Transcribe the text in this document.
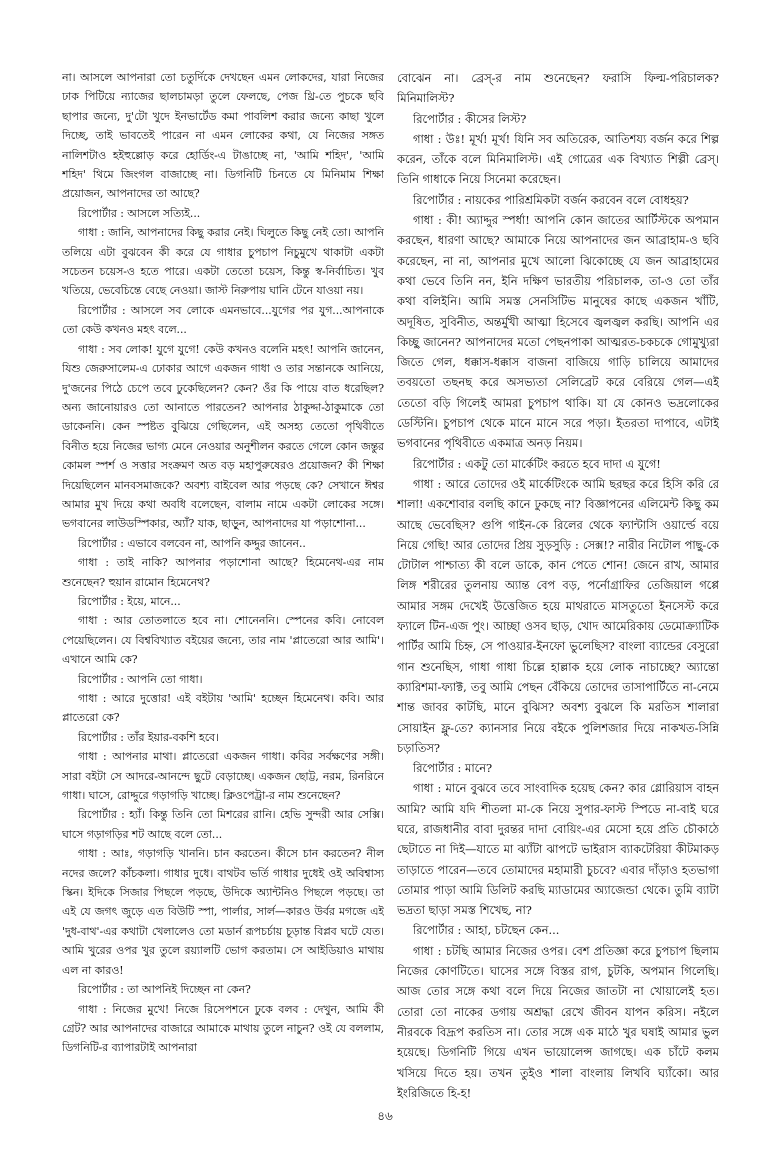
না। আসলে আপনারা তো চতুর্দিকে দেখছেন এমন লোকদের, যারা নিজের ঢাক পিটিয়ে ন্যাজের ছালচামড়া তুলে ফেলছে, পেজ থ্রি-তে পুচকে ছবি ছাপার জন্যে, দু'টো খুদে ইনভার্টেড কমা পাবলিশ করার জন্যে কাছা খুলে দিচ্ছে, তাই ভাবতেই পারেন না এমন লোকের কথা, যে নিজের সঙ্গত নালিশটাও হইহুল্লোড় করে হোর্ডিং-এ টাঙাচ্ছে না, 'আমি শহিদ', 'আমি শহিদ' থিমে জিংগল বাজাচ্ছে না। ডিগনিটি চিনতে যে মিনিমাম শিক্ষা প্রয়োজন, আপনাদের তা আছে?

রিপোর্টার : আসলে সত্যিই...

গাধা : জানি, আপনাদের কিছু করার নেই। ঘিলুতে কিছু নেই তো। আপনি তলিয়ে এটা বুঝবেন কী করে যে গাধার চুপচাপ নিচুমুখে থাকাটা একটা সচেতন চয়েস-ও হতে পারে। একটা তেতো চয়েস, কিন্তু স্ব-নির্বাচিত। খুব খতিয়ে, ভেবেচিন্তে বেছে নেওয়া। জাস্ট নিরুপায় ঘানি টেনে যাওয়া নয়।

রিপোর্টার : আসলে সব লোকে এমনভাবে...যুগের পর যুগ...আপনাকে তো কেউ কখনও মহৎ বলে...

গাধা : সব লোক! যুগে যুগে! কেউ কখনও বলেনি মহৎ! আপনি জানেন, যিশু জেরুসালেম-এ ঢোকার আগে একজন গাধা ও তার সন্তানকে আনিয়ে, দু'জনের পিঠে চেপে তবে ঢুকেছিলেন? কেন? ওঁর কি পায়ে বাত ধরেছিল? অন্য জানোয়ারও তো আনাতে পারতেন? আপনার ঠাকুদ্দা-ঠাকুমাকে তো ডাকেননি। কেন স্পষ্টত বুঝিয়ে গেছিলেন, এই অসহ্য তেতো পৃথিবীতে বিনীত হয়ে নিজের ভাগ্য মেনে নেওয়ার অনুশীলন করতে গেলে কোন জন্তুর কোমল স্পর্শ ও সত্তার সংক্রমণ অত বড় মহাপুরুষেরও প্রয়োজন? কী শিক্ষা দিয়েছিলেন মানবসমাজকে? অবশ্য বাইবেল আর পড়ছে কে? সেখানে ঈশ্বর আমার মুখ দিয়ে কথা অবধি বলেছেন, বালাম নামে একটা লোকের সঙ্গে। ভগবানের লাউডস্পিকার, অ্যাঁ? যাক, ছাড়ুন, আপনাদের যা পড়াশোনা...

রিপোর্টার : এভাবে বলবেন না, আপনি কদ্দুর জানেন..

গাধা : তাই নাকি? আপনার পড়াশোনা আছে? হিমেনেথ-এর নাম শুনেছেন? হুয়ান রামোন হিমেনেথ?

রিপোর্টার : ইয়ে, মানে...

গাধা : আর তোতলাতে হবে না। শোনেননি। স্পেনের কবি। নোবেল পেয়েছিলেন। যে বিশ্ববিখ্যাত বইয়ের জন্যে, তার নাম 'প্লাতেরো আর আমি'। এখানে আমি কে?

রিপোর্টার : আপনি তো গাধা।

গাধা : আরে দুত্তোর! এই বইটায় 'আমি' হচ্ছেন হিমেনেথ। কবি। আর প্লাতেরো কে?

রিপোর্টার : তাঁর ইয়ার-বকশি হবে।

গাধা : আপনার মাথা। প্লাতেরো একজন গাধা। কবির সর্বক্ষণের সঙ্গী। সারা বইটা সে আদরে-আনন্দে ছুটে বেড়াচ্ছে। একজন ছোট্ট, নরম, রিনরিনে গাধা। ঘাসে, রোদ্দুরে গড়াগড়ি খাচ্ছে। ক্লিওপেট্রা-র নাম শুনেছেন?

রিপোর্টার : হ্যাঁ। কিন্তু তিনি তো মিশরের রানি। হেভি সুন্দরী আর সেক্সি। ঘাসে গড়াগড়ির শট আছে বলে তো...

গাধা : আঃ, গড়াগড়ি খাননি। চান করতেন। কীসে চান করতেন? নীল নদের জলে? কাঁচকলা। গাধার দুধে। বাথটব ভর্তি গাধার দুধেই ওই অবিশ্বাস্য স্কিন। ইদিকে সিজার পিছলে পড়ছে, উদিকে অ্যান্টনিও পিছলে পড়ছে। তা এই যে জগৎ জুড়ে এত বিউটি স্পা, পার্লার, সার্ল—কারও উর্বর মগজে এই 'দুধ-বাথ'-এর কথাটা খেলালেও তো মডার্ন রূপচর্চায় চূড়ান্ত বিপ্লব ঘটে যেত। আমি খুরের ওপর খুর তুলে রয়্যালটি ভোগ করতাম। সে আইডিয়াও মাথায় এল না কারও!

রিপোর্টার : তা আপনিই দিচ্ছেন না কেন?

গাধা : নিজের মুখে! নিজে রিসেপশনে ঢুকে বলব : দেখুন, আমি কী গ্রেট? আর আপনাদের বাজারে আমাকে মাথায় তুলে নাচুন? ওই যে বললাম, ডিগনিটি-র ব্যাপারটাই আপনারা

বোঝেন না। ব্রেস্-র নাম শুনেছেন? ফরাসি ফিল্ম-পরিচালক? মিনিমালিস্ট?

রিপোর্টার : কীসের লিস্ট?

গাধা : উঃ! মূর্খ! মূর্খ! যিনি সব অতিরেক, আতিশয্য বর্জন করে শিল্প করেন, তাঁকে বলে মিনিমালিস্ট। এই গোত্রের এক বিখ্যাত শিল্পী ব্রেস্। তিনি গাধাকে নিয়ে সিনেমা করেছেন।

রিপোর্টার : নায়কের পারিশ্রমিকটা বর্জন করবেন বলে বোধহয়?

গাধা : কী! অ্যাদ্দুর স্পর্ধা! আপনি কোন জাতের আর্টিস্টকে অপমান করছেন, ধারণা আছে? আমাকে নিয়ে আপনাদের জন আব্রাহাম-ও ছবি করেছেন, না না, আপনার মুখে আলো ঝিকোচ্ছে যে জন আব্রাহামের কথা ভেবে তিনি নন, ইনি দক্ষিণ ভারতীয় পরিচালক, তা-ও তো তাঁর কথা বলিইনি। আমি সমস্ত সেনসিটিভ মানুষের কাছে একজন খাঁটি, অদূষিত, সুবিনীত, অন্তর্মুখী আত্মা হিসেবে জ্বলজ্বল করছি। আপনি এর কিচ্ছু জানেন? আপনাদের মতো পেছনপাকা আত্মরত-চকচকে গোমুখ্যুরা জিতে গেল, ধক্কাস-ধক্কাস বাজনা বাজিয়ে গাড়ি চালিয়ে আমাদের তবয়তো তছনছ করে অসভ্যতা সেলিব্রেট করে বেরিয়ে গেল—এই তেতো বড়ি গিলেই আমরা চুপচাপ থাকি। যা যে কোনও ভদ্রলোকের ডেস্টিনি। চুপচাপ থেকে মানে মানে সরে পড়া। ইতরতা দাপাবে, এটাই ভগবানের পৃথিবীতে একমাত্র অনড় নিয়ম।

রিপোর্টার : একটু তো মার্কেটিং করতে হবে দাদা এ যুগে!

গাধা : আরে তোদের ওই মার্কেটিংকে আমি ছরছর করে হিসি করি রে শালা! একশোবার বলছি কানে ঢুকছে না? বিজ্ঞাপনের এলিমেন্ট কিছু কম আছে ভেবেছিস? গুপি গাইন-কে রিলের থেকে ফ্যান্টাসি ওয়ার্ল্ডে বয়ে নিয়ে গেছি! আর তোদের প্রিয় সুড়সুড়ি : সেক্স!? নারীর নিটোল পাছু-কে টোটাল পাশ্চাত্য কী বলে ডাকে, কান পেতে শোন! জেনে রাখ, আমার লিঙ্গ শরীরের তুলনায় অ্যান্ত বেপ বড়, পর্নোগ্রাফির তেজিয়াল গপ্পে আমার সঙ্গম দেখেই উত্তেজিত হয়ে মাথরাতে মাসতুতো ইনসেস্ট করে ফ্যালে টিন-এজ পুং। আচ্ছা ওসব ছাড়, খোদ আমেরিকায় ডেমোক্র্যাটিক পার্টির আমি চিহ্ন, সে পাওয়ার-ইনফো ভুলেছিস? বাংলা ব্যান্ডের বেসুরো গান শুনেছিস, গাধা গাধা চিল্লে হাল্লাক হয়ে লোক নাচাচ্ছে? অ্যান্তো ক্যারিশমা-ফ্যাক্ট, তবু আমি পেছন বেঁকিয়ে তোদের তাসাপার্টিতে না-নেমে শান্ত জাবর কাটছি, মানে বুঝিস? অবশ্য বুঝলে কি মরতিস শালারা সোয়াইন ফ্লু-তে? ক্যানসার নিয়ে বইকে পুলিশজার দিয়ে নাকখত-সিন্নি চড়াতিস?

রিপোর্টার : মানে?

গাধা : মানে বুঝবে তবে সাংবাদিক হয়েছ কেন? কার গ্লোরিয়াস বাহন আমি? আমি যদি শীতলা মা-কে নিয়ে সুপার-ফাস্ট স্পিডে না-বাই ঘরে ঘরে, রাজধানীর বাবা দুরন্তর দাদা বোয়িং-এর মেসো হয়ে প্রতি চৌকাঠে ছেটাতে না দিই—যাতে মা ঝ্যাঁটা ঝাপটে ভাইরাস ব্যাকটেরিয়া কীটমাকড় তাড়াতে পারেন—তবে তোমাদের মহামারী চুচবে? এবার দাঁড়াও হতভাগা তোমার পাড়া আমি ডিলিট করছি ম্যাডামের অ্যাজেন্ডা থেকে। তুমি ব্যাটা ভদ্রতা ছাড়া সমস্ত শিখেছ, না?

রিপোর্টার : আহা, চটছেন কেন...

গাধা : চটছি আমার নিজের ওপর। বেশ প্রতিজ্ঞা করে চুপচাপ ছিলাম নিজের কোণটিতে। ঘাসের সঙ্গে বিস্তর রাগ, চুটকি, অপমান গিলেছি। আজ তোর সঙ্গে কথা বলে দিয়ে নিজের জাতটা না খোয়ালেই হত। তোরা তো নাকের ডগায় অশ্রদ্ধা রেখে জীবন যাপন করিস। নইলে নীরবকে বিদ্রূপ করতিস না। তোর সঙ্গে এক মাঠে খুর ঘষাই আমার ভুল হয়েছে। ডিগনিটি গিয়ে এখন ভায়োলেন্স জাগছে। এক চাঁটে কলম খসিয়ে দিতে হয়। তখন তুইও শালা বাংলায় লিখবি ঘ্যাঁকো। আর ইংরিজিতে হি-হ!

৪৬
